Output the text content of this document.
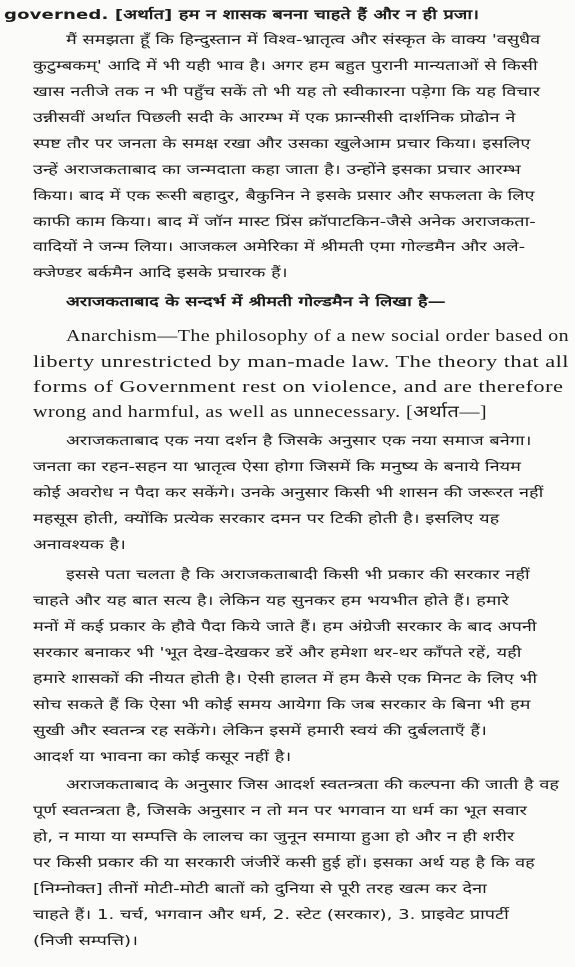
governed. [अर्थात] हम न शासक बनना चाहते हैं और न ही प्रजा।
मैं समझता हूँ कि हिन्दुस्तान में विश्व-भ्रातृत्व और संस्कृत के वाक्य 'वसुधैव
कुटुम्बकम्' आदि में भी यही भाव है। अगर हम बहुत पुरानी मान्यताओं से किसी
खास नतीजे तक न भी पहुँच सकें तो भी यह तो स्वीकारना पड़ेगा कि यह विचार
उन्नीसवीं अर्थात पिछली सदी के आरम्भ में एक फ्रान्सीसी दार्शनिक प्रोढोन ने
स्पष्ट तौर पर जनता के समक्ष रखा और उसका खुलेआम प्रचार किया। इसलिए
उन्हें अराजकताबाद का जन्मदाता कहा जाता है। उन्होंने इसका प्रचार आरम्भ
किया। बाद में एक रूसी बहादुर, बैकुनिन ने इसके प्रसार और सफलता के लिए
काफी काम किया। बाद में जॉन मास्ट प्रिंस क्रॉपाटकिन-जैसे अनेक अराजकता-
वादियों ने जन्म लिया। आजकल अमेरिका में श्रीमती एमा गोल्डमैन और अले-
क्जेण्डर बर्कमैन आदि इसके प्रचारक हैं।
अराजकताबाद के सन्दर्भ में श्रीमती गोल्डमैन ने लिखा है—
Anarchism—The philosophy of a new social order based on
liberty unrestricted by man-made law. The theory that all
forms of Government rest on violence, and are therefore
wrong and harmful, as well as unnecessary. [अर्थात—]
अराजकताबाद एक नया दर्शन है जिसके अनुसार एक नया समाज बनेगा।
जनता का रहन-सहन या भ्रातृत्व ऐसा होगा जिसमें कि मनुष्य के बनाये नियम
कोई अवरोध न पैदा कर सकेंगे। उनके अनुसार किसी भी शासन की जरूरत नहीं
महसूस होती, क्योंकि प्रत्येक सरकार दमन पर टिकी होती है। इसलिए यह
अनावश्यक है।
इससे पता चलता है कि अराजकताबादी किसी भी प्रकार की सरकार नहीं
चाहते और यह बात सत्य है। लेकिन यह सुनकर हम भयभीत होते हैं। हमारे
मनों में कई प्रकार के हौवे पैदा किये जाते हैं। हम अंग्रेजी सरकार के बाद अपनी
सरकार बनाकर भी 'भूत देख-देखकर डरें और हमेशा थर-थर काँपते रहें, यही
हमारे शासकों की नीयत होती है। ऐसी हालत में हम कैसे एक मिनट के लिए भी
सोच सकते हैं कि ऐसा भी कोई समय आयेगा कि जब सरकार के बिना भी हम
सुखी और स्वतन्त्र रह सकेंगे। लेकिन इसमें हमारी स्वयं की दुर्बलताएँ हैं।
आदर्श या भावना का कोई कसूर नहीं है।
अराजकताबाद के अनुसार जिस आदर्श स्वतन्त्रता की कल्पना की जाती है वह
पूर्ण स्वतन्त्रता है, जिसके अनुसार न तो मन पर भगवान या धर्म का भूत सवार
हो, न माया या सम्पत्ति के लालच का जुनून समाया हुआ हो और न ही शरीर
पर किसी प्रकार की या सरकारी जंजीरें कसी हुई हों। इसका अर्थ यह है कि वह
[निम्नोक्त] तीनों मोटी-मोटी बातों को दुनिया से पूरी तरह खत्म कर देना
चाहते हैं। 1. चर्च, भगवान और धर्म, 2. स्टेट (सरकार), 3. प्राइवेट प्रापर्टी
(निजी सम्पत्ति)।
